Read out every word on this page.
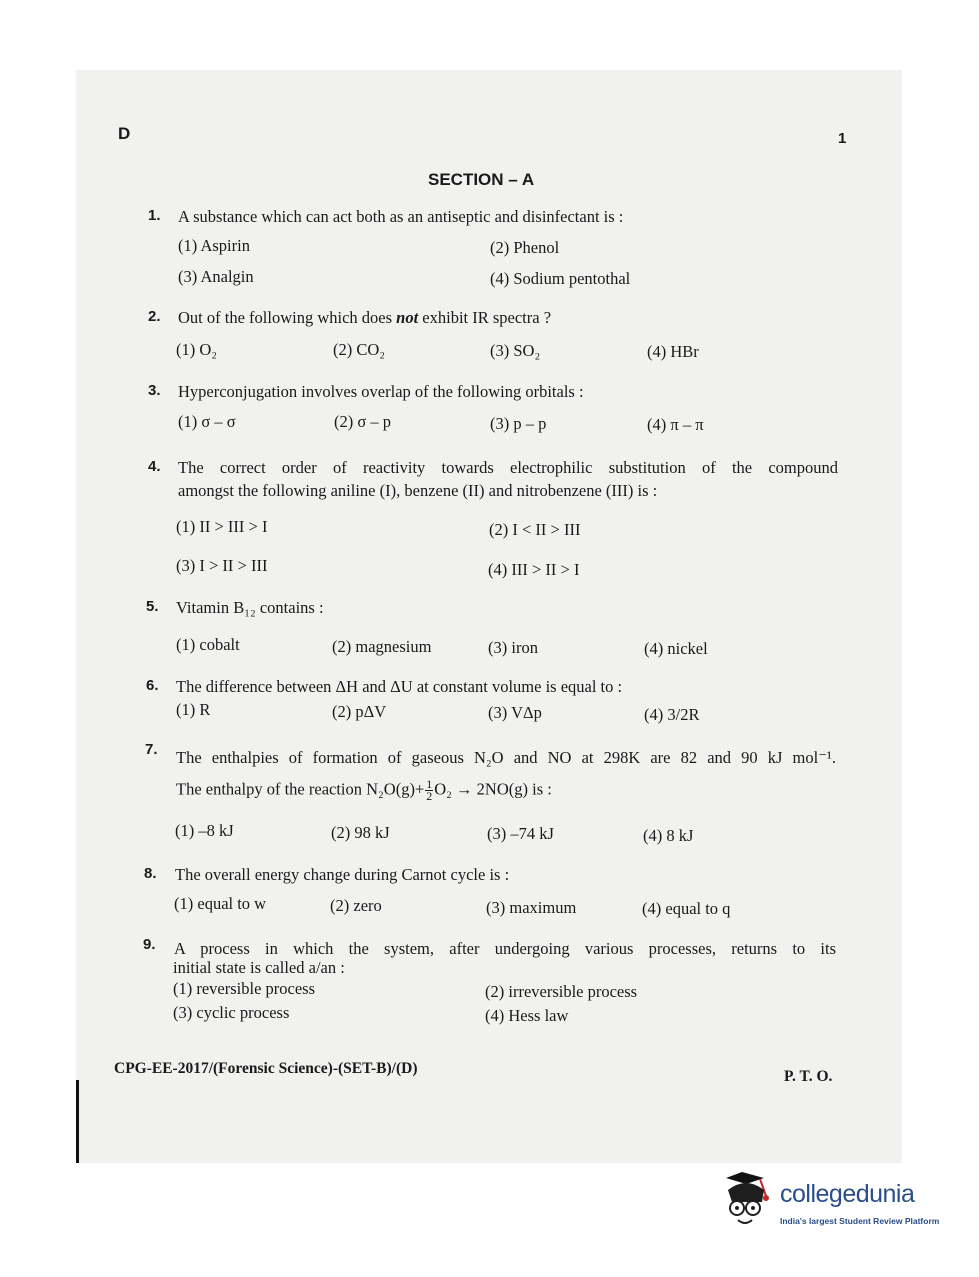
D	1
SECTION – A
1. A substance which can act both as an antiseptic and disinfectant is :
(1) Aspirin	(2) Phenol
(3) Analgin	(4) Sodium pentothal
2. Out of the following which does not exhibit IR spectra ?
(1) O₂	(2) CO₂	(3) SO₂	(4) HBr
3. Hyperconjugation involves overlap of the following orbitals :
(1) σ – σ	(2) σ – p	(3) p – p	(4) π – π
4. The correct order of reactivity towards electrophilic substitution of the compound
amongst the following aniline (I), benzene (II) and nitrobenzene (III) is :
(1) II > III > I	(2) I < II > III
(3) I > II > III	(4) III > II > I
5. Vitamin B₁₂ contains :
(1) cobalt	(2) magnesium	(3) iron	(4) nickel
6. The difference between ΔH and ΔU at constant volume is equal to :
(1) R	(2) pΔV	(3) VΔp	(4) 3/2R
7. The enthalpies of formation of gaseous N₂O and NO at 298K are 82 and 90 kJ mol⁻¹.
The enthalpy of the reaction $N_2O(g)+ \frac{1}{2} O_2 \to 2NO(g)$ is :
(1) –8 kJ	(2) 98 kJ	(3) –74 kJ	(4) 8 kJ
8. The overall energy change during Carnot cycle is :
(1) equal to w	(2) zero	(3) maximum	(4) equal to q
9. A process in which the system, after undergoing various processes, returns to its
initial state is called a/an :
(1) reversible process	(2) irreversible process
(3) cyclic process	(4) Hess law
CPG-EE-2017/(Forensic Science)-(SET-B)/(D)	P. T. O.
collegedunia
India's largest Student Review Platform
